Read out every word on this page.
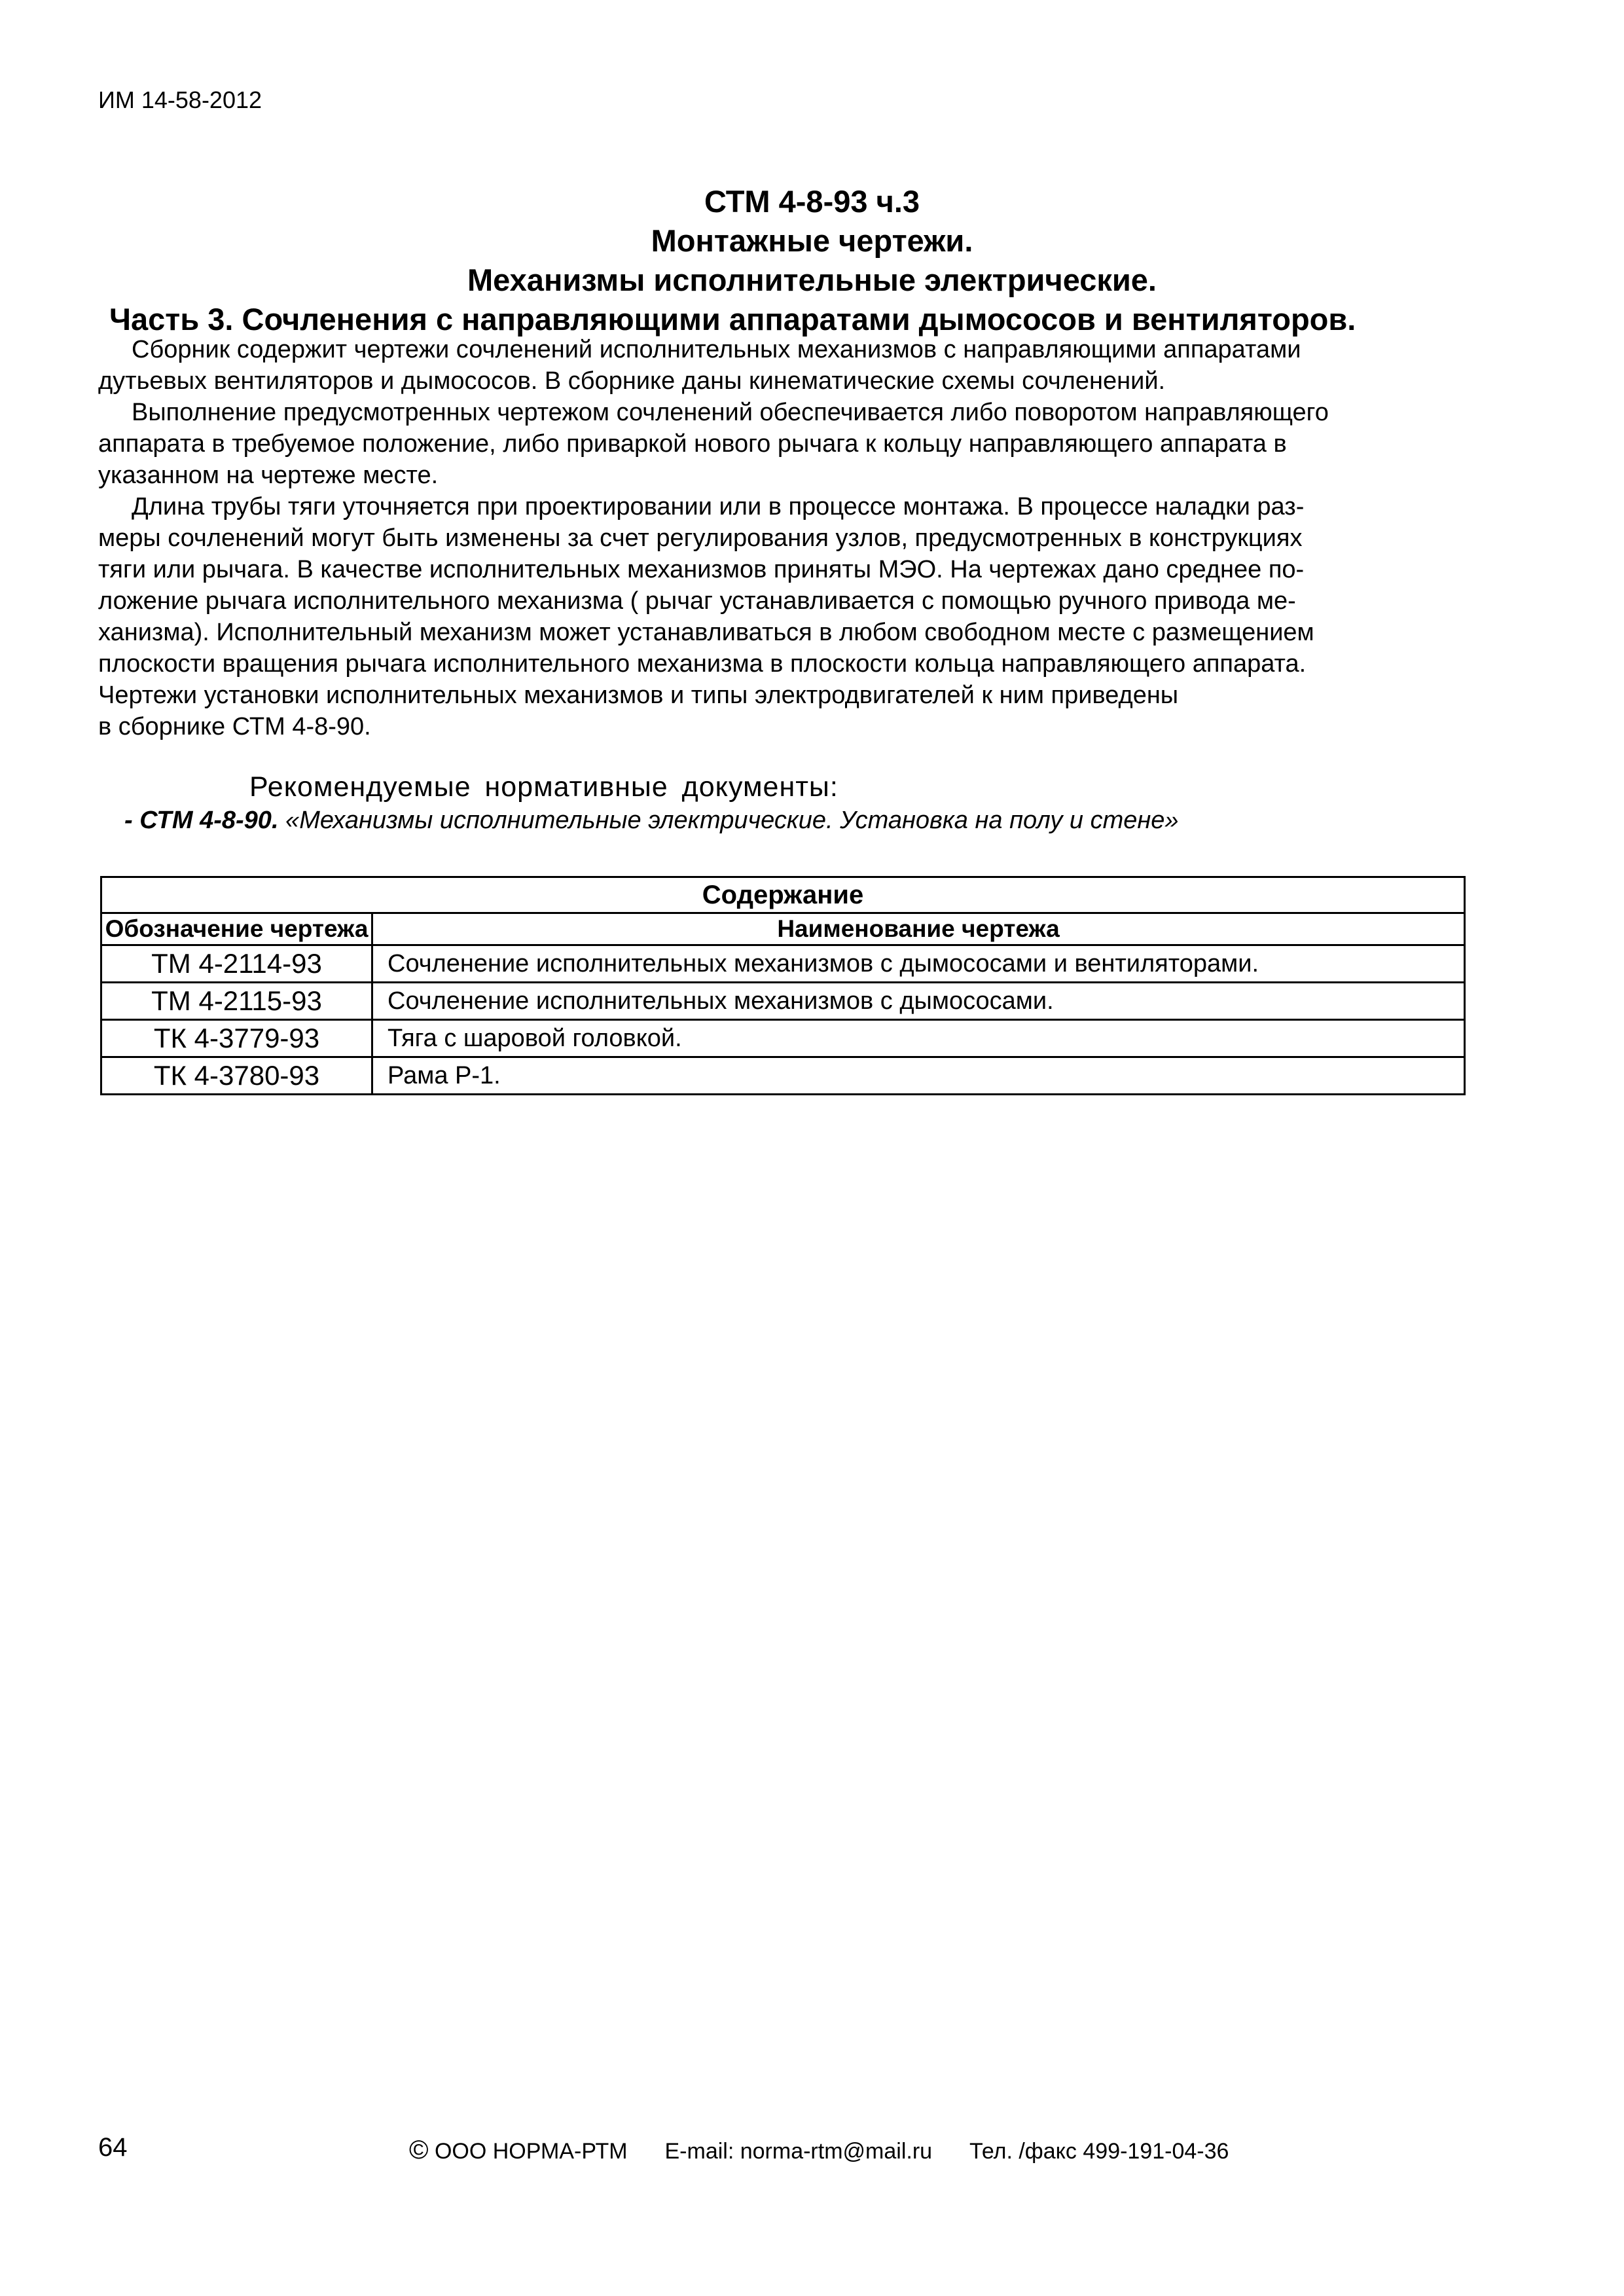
ИМ 14-58-2012
СТМ 4-8-93 ч.3
Монтажные чертежи.
Механизмы исполнительные электрические.
Часть 3. Сочленения с направляющими аппаратами дымососов и вентиляторов.
Сборник содержит чертежи сочленений исполнительных механизмов с направляющими аппаратами
дутьевых вентиляторов и дымососов. В сборнике даны кинематические схемы сочленений.
Выполнение предусмотренных чертежом сочленений обеспечивается либо поворотом направляющего
аппарата в требуемое положение, либо приваркой нового рычага к кольцу направляющего аппарата в
указанном на чертеже месте.
Длина трубы тяги уточняется при проектировании или в процессе монтажа. В процессе наладки раз-
меры сочленений могут быть изменены за счет регулирования узлов, предусмотренных в конструкциях
тяги или рычага. В качестве исполнительных механизмов приняты МЭО. На чертежах дано среднее по-
ложение рычага исполнительного механизма ( рычаг устанавливается с помощью ручного привода ме-
ханизма). Исполнительный механизм может устанавливаться в любом свободном месте с размещением
плоскости вращения рычага исполнительного механизма в плоскости кольца направляющего аппарата.
Чертежи установки исполнительных механизмов и типы электродвигателей к ним приведены
в сборнике СТМ 4-8-90.
Рекомендуемые нормативные документы:
- СТМ 4-8-90. «Механизмы исполнительные электрические. Установка на полу и стене»
Содержание	
Обозначение чертежа	Наименование чертежа
ТМ 4-2114-93	Сочленение исполнительных механизмов с дымососами и вентиляторами.
ТМ 4-2115-93	Сочленение исполнительных механизмов с дымососами.
ТК 4-3779-93	Тяга с шаровой головкой.
ТК 4-3780-93	Рама Р-1.
64	© ООО НОРМА-РТМ E-mail: norma-rtm@mail.ru Тел. /факс 499-191-04-36
